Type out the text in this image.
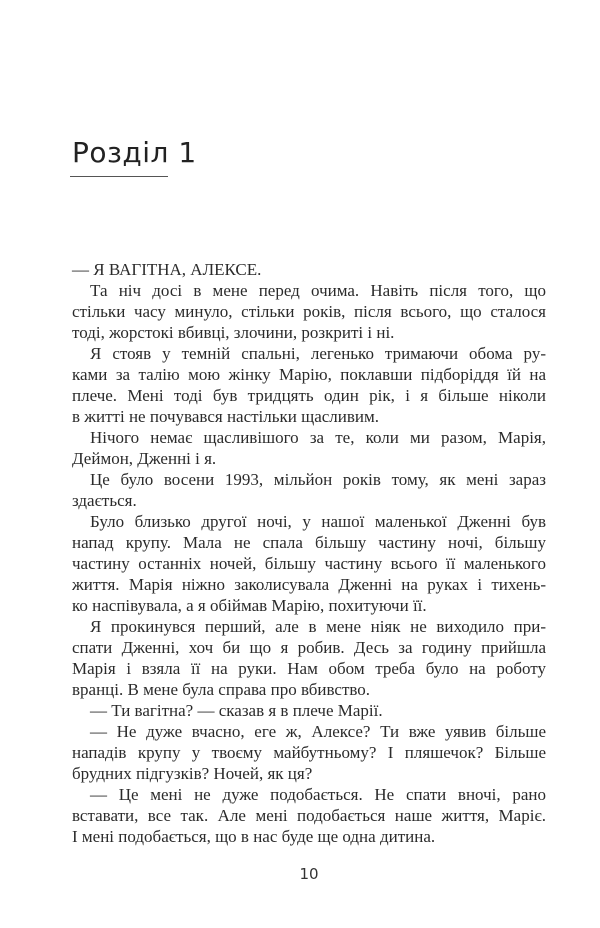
Розділ 1
— Я ВАГІТНА, АЛЕКСЕ.
Та ніч досі в мене перед очима. Навіть після того, що
стільки часу минуло, стільки років, після всього, що сталося
тоді, жорстокі вбивці, злочини, розкриті і ні.
Я стояв у темній спальні, легенько тримаючи обома ру-
ками за талію мою жінку Марію, поклавши підборіддя їй на
плече. Мені тоді був тридцять один рік, і я більше ніколи
в житті не почувався настільки щасливим.
Нічого немає щасливішого за те, коли ми разом, Марія,
Деймон, Дженні і я.
Це було восени 1993, мільйон років тому, як мені зараз
здається.
Було близько другої ночі, у нашої маленької Дженні був
напад крупу. Мала не спала більшу частину ночі, більшу
частину останніх ночей, більшу частину всього її маленького
життя. Марія ніжно заколисувала Дженні на руках і тихень-
ко наспівувала, а я обіймав Марію, похитуючи її.
Я прокинувся перший, але в мене ніяк не виходило при-
спати Дженні, хоч би що я робив. Десь за годину прийшла
Марія і взяла її на руки. Нам обом треба було на роботу
вранці. В мене була справа про вбивство.
— Ти вагітна? — сказав я в плече Марії.
— Не дуже вчасно, еге ж, Алексе? Ти вже уявив більше
нападів крупу у твоєму майбутньому? І пляшечок? Більше
брудних підгузків? Ночей, як ця?
— Це мені не дуже подобається. Не спати вночі, рано
вставати, все так. Але мені подобається наше життя, Маріє.
І мені подобається, що в нас буде ще одна дитина.
10
